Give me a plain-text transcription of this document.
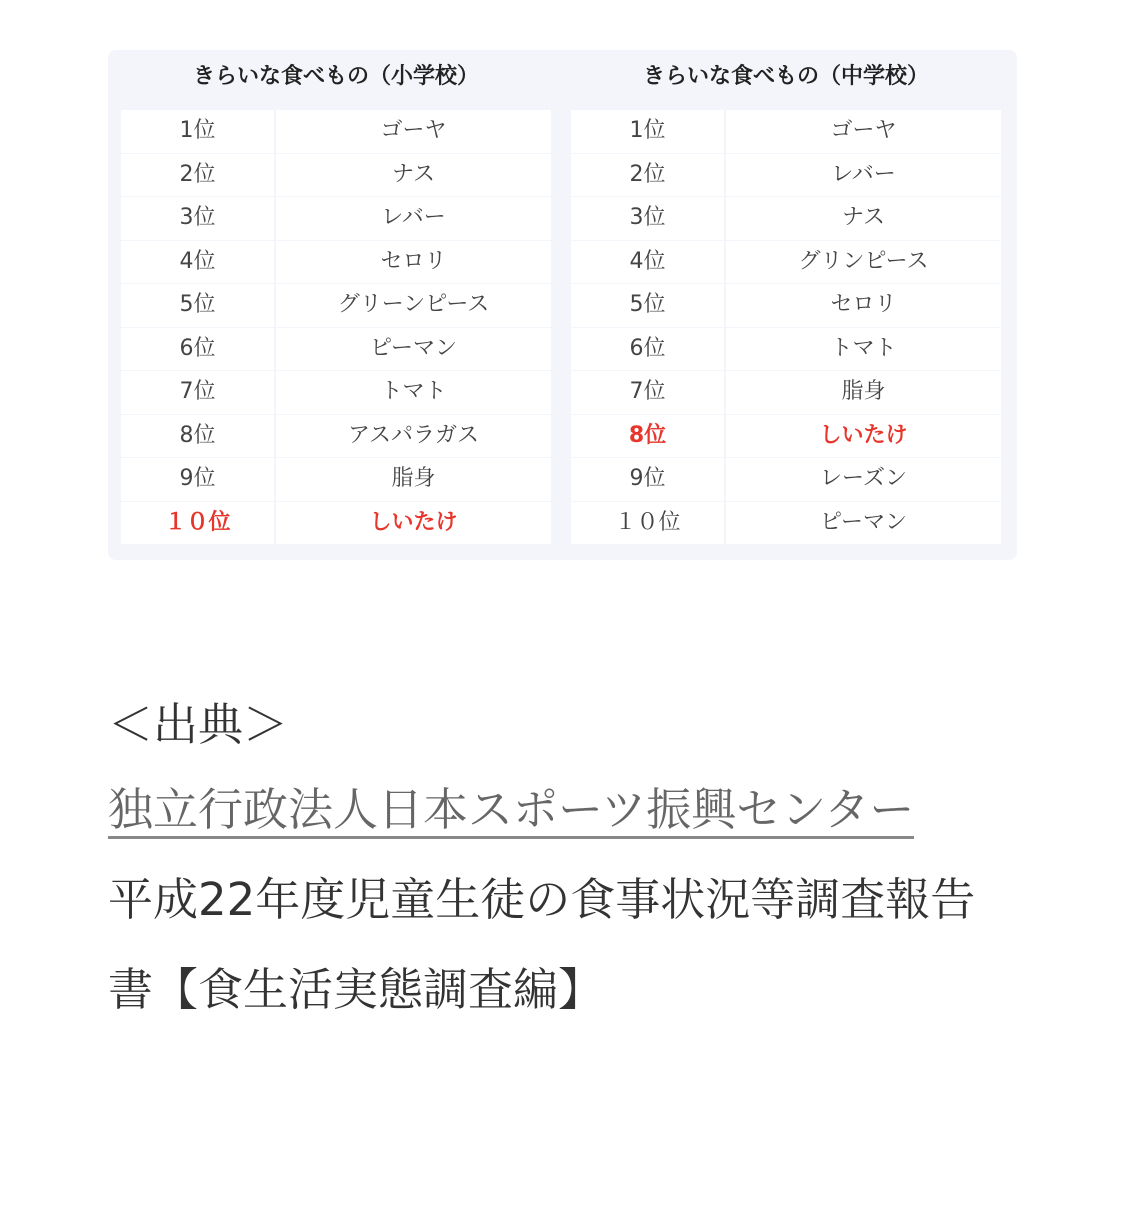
きらいな食べもの（小学校）
1位	ゴーヤ
2位	ナス
3位	レバー
4位	セロリ
5位	グリーンピース
6位	ピーマン
7位	トマト
8位	アスパラガス
9位	脂身
１０位	しいたけ
きらいな食べもの（中学校）
1位	ゴーヤ
2位	レバー
3位	ナス
4位	グリンピース
5位	セロリ
6位	トマト
7位	脂身
8位	しいたけ
9位	レーズン
１０位	ピーマン

＜出典＞

独立行政法人日本スポーツ振興センター

平成22年度児童生徒の食事状況等調査報告書【食生活実態調査編】
